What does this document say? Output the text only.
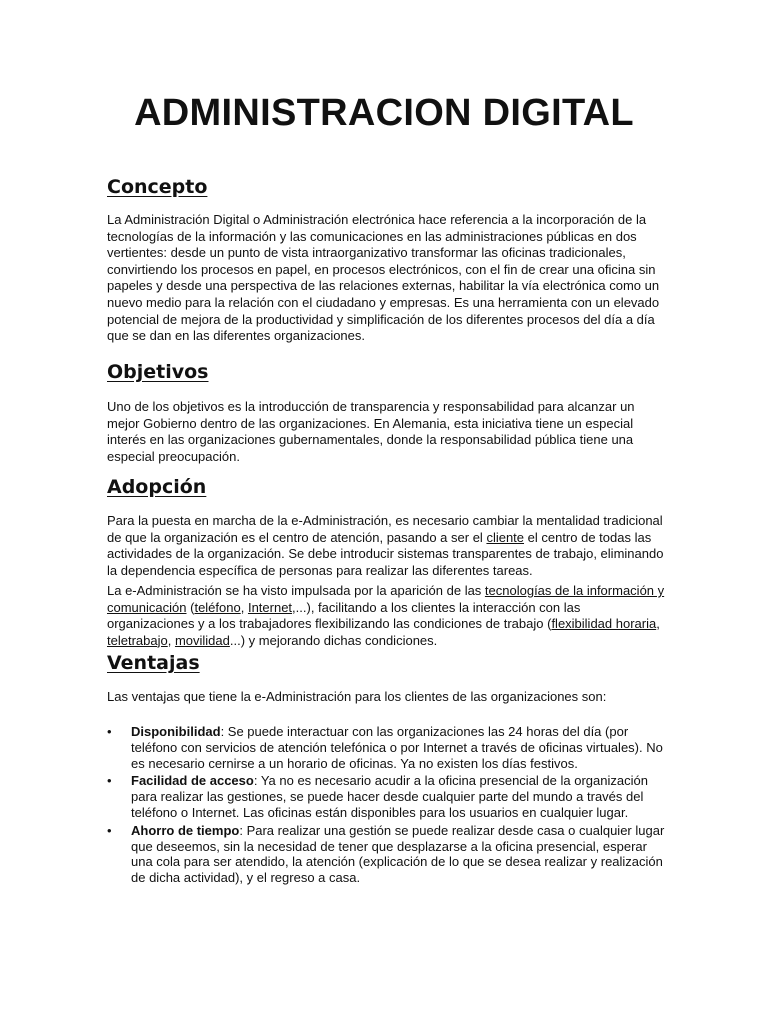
ADMINISTRACION DIGITAL
Concepto

La Administración Digital o Administración electrónica hace referencia a la incorporación de la tecnologías de la información y las comunicaciones en las administraciones públicas en dos vertientes: desde un punto de vista intraorganizativo transformar las oficinas tradicionales, convirtiendo los procesos en papel, en procesos electrónicos, con el fin de crear una oficina sin papeles y desde una perspectiva de las relaciones externas, habilitar la vía electrónica como un nuevo medio para la relación con el ciudadano y empresas. Es una herramienta con un elevado potencial de mejora de la productividad y simplificación de los diferentes procesos del día a día que se dan en las diferentes organizaciones.

Objetivos

Uno de los objetivos es la introducción de transparencia y responsabilidad para alcanzar un mejor Gobierno dentro de las organizaciones. En Alemania, esta iniciativa tiene un especial interés en las organizaciones gubernamentales, donde la responsabilidad pública tiene una especial preocupación.

Adopción

Para la puesta en marcha de la e-Administración, es necesario cambiar la mentalidad tradicional de que la organización es el centro de atención, pasando a ser el cliente el centro de todas las actividades de la organización. Se debe introducir sistemas transparentes de trabajo, eliminando la dependencia específica de personas para realizar las diferentes tareas.

La e-Administración se ha visto impulsada por la aparición de las tecnologías de la información y comunicación (teléfono, Internet,...), facilitando a los clientes la interacción con las organizaciones y a los trabajadores flexibilizando las condiciones de trabajo (flexibilidad horaria, teletrabajo, movilidad...) y mejorando dichas condiciones.

Ventajas

Las ventajas que tiene la e-Administración para los clientes de las organizaciones son:

• Disponibilidad: Se puede interactuar con las organizaciones las 24 horas del día (por teléfono con servicios de atención telefónica o por Internet a través de oficinas virtuales). No es necesario cernirse a un horario de oficinas. Ya no existen los días festivos.
• Facilidad de acceso: Ya no es necesario acudir a la oficina presencial de la organización para realizar las gestiones, se puede hacer desde cualquier parte del mundo a través del teléfono o Internet. Las oficinas están disponibles para los usuarios en cualquier lugar.
• Ahorro de tiempo: Para realizar una gestión se puede realizar desde casa o cualquier lugar que deseemos, sin la necesidad de tener que desplazarse a la oficina presencial, esperar una cola para ser atendido, la atención (explicación de lo que se desea realizar y realización de dicha actividad), y el regreso a casa.
